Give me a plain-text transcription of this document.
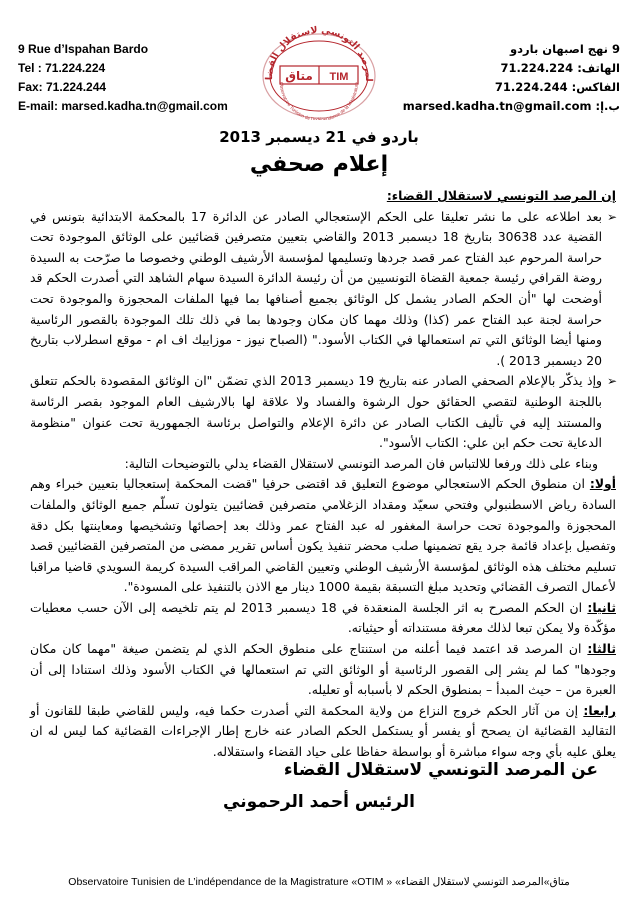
9 Rue d’Ispahan Bardo
Tel : 71.224.224
Fax: 71.224.244
E-mail: marsed.kadha.tn@gmail.com
لمرصد التونسي لاستقلال القضا متاق TIM
Observatoire Tunisien de l'Indépendance de la Magistrature
9 نهج اصبهان باردو
الهاتف: 71.224.224
الفاكس: 71.224.244
ب.إ: marsed.kadha.tn@gmail.com
باردو في 21 ديسمبر 2013
إعلام صحفي

إن المرصد التونسي لاستقلال القضاء:

➢
بعد اطلاعه على ما نشر تعليقا على الحكم الإستعجالي الصادر عن الدائرة 17 بالمحكمة الابتدائية بتونس في القضية عدد 30638 بتاريخ 18 ديسمبر 2013 والقاضي بتعيين متصرفين قضائيين على الوثائق الموجودة تحت حراسة المرحوم عبد الفتاح عمر قصد جردها وتسليمها لمؤسسة الأرشيف الوطني وخصوصا ما صرّحت به السيدة روضة القرافي رئيسة جمعية القضاة التونسيين من أن رئيسة الدائرة السيدة سهام الشاهد التي أصدرت الحكم قد أوضحت لها "أن الحكم الصادر يشمل كل الوثائق بجميع أصنافها بما فيها الملفات المحجوزة والموجودة تحت حراسة لجنة عبد الفتاح عمر (كذا) وذلك مهما كان مكان وجودها بما في ذلك تلك الموجودة بالقصور الرئاسية ومنها أيضا الوثائق التي تم استعمالها في الكتاب الأسود." (الصباح نيوز - موزاييك اف ام - موقع اسطرلاب بتاريخ 20 ديسمبر 2013 ).

➢
وإذ يذكّر بالإعلام الصحفي الصادر عنه بتاريخ 19 ديسمبر 2013 الذي تضمّن "ان الوثائق المقصودة بالحكم تتعلق باللجنة الوطنية لتقصي الحقائق حول الرشوة والفساد ولا علاقة لها بالارشيف العام الموجود بقصر الرئاسة والمستند إليه في تأليف الكتاب الصادر عن دائرة الإعلام والتواصل برئاسة الجمهورية تحت عنوان "منظومة الدعاية تحت حكم ابن علي: الكتاب الأسود".

وبناء على ذلك ورفعا للالتباس فان المرصد التونسي لاستقلال القضاء يدلي بالتوضيحات التالية:

أولا: ان منطوق الحكم الاستعجالي موضوع التعليق قد اقتضى حرفيا "قضت المحكمة إستعجاليا بتعيين خبراء وهم السادة رياض الاسطنبولي وفتحي سعيّد ومقداد الزغلامي متصرفين قضائيين يتولون تسلّم جميع الوثائق والملفات المحجوزة والموجودة تحت حراسة المغفور له عبد الفتاح عمر وذلك بعد إحصائها وتشخيصها ومعاينتها بكل دقة وتفصيل بإعداد قائمة جرد يقع تضمينها صلب محضر تنفيذ يكون أساس تقرير ممضى من المتصرفين القضائيين قصد تسليم مختلف هذه الوثائق لمؤسسة الأرشيف الوطني وتعيين القاضي المراقب السيدة كريمة السويدي قاضيا مراقبا لأعمال التصرف القضائي وتحديد مبلغ التسبقة بقيمة 1000 دينار مع الاذن بالتنفيذ على المسودة".

ثانيا: ان الحكم المصرح به اثر الجلسة المنعقدة في 18 ديسمبر 2013 لم يتم تلخيصه إلى الآن حسب معطيات مؤكّدة ولا يمكن تبعا لذلك معرفة مستنداته أو حيثياته.

ثالثا: ان المرصد قد اعتمد فيما أعلنه من استنتاج على منطوق الحكم الذي لم يتضمن صيغة "مهما كان مكان وجودها" كما لم يشر إلى القصور الرئاسية أو الوثائق التي تم استعمالها في الكتاب الأسود وذلك استنادا إلى أن العبرة من – حيث المبدأ – بمنطوق الحكم لا بأسبابه أو تعليله.

رابعا: إن من آثار الحكم خروج النزاع من ولاية المحكمة التي أصدرت حكما فيه، وليس للقاضي طبقا للقانون أو التقاليد القضائية ان يصحح أو يفسر أو يستكمل الحكم الصادر عنه خارج إطار الإجراءات القضائية كما ليس له ان يعلق عليه بأي وجه سواء مباشرة أو بواسطة حفاظا على حياد القضاء واستقلاله.

عن المرصد التونسي لاستقلال القضاء
الرئيس أحمد الرحموني
Observatoire Tunisien de L’indépendance de la Magistrature «OTIM » «متاق»المرصد التونسي لاستقلال القضاء
